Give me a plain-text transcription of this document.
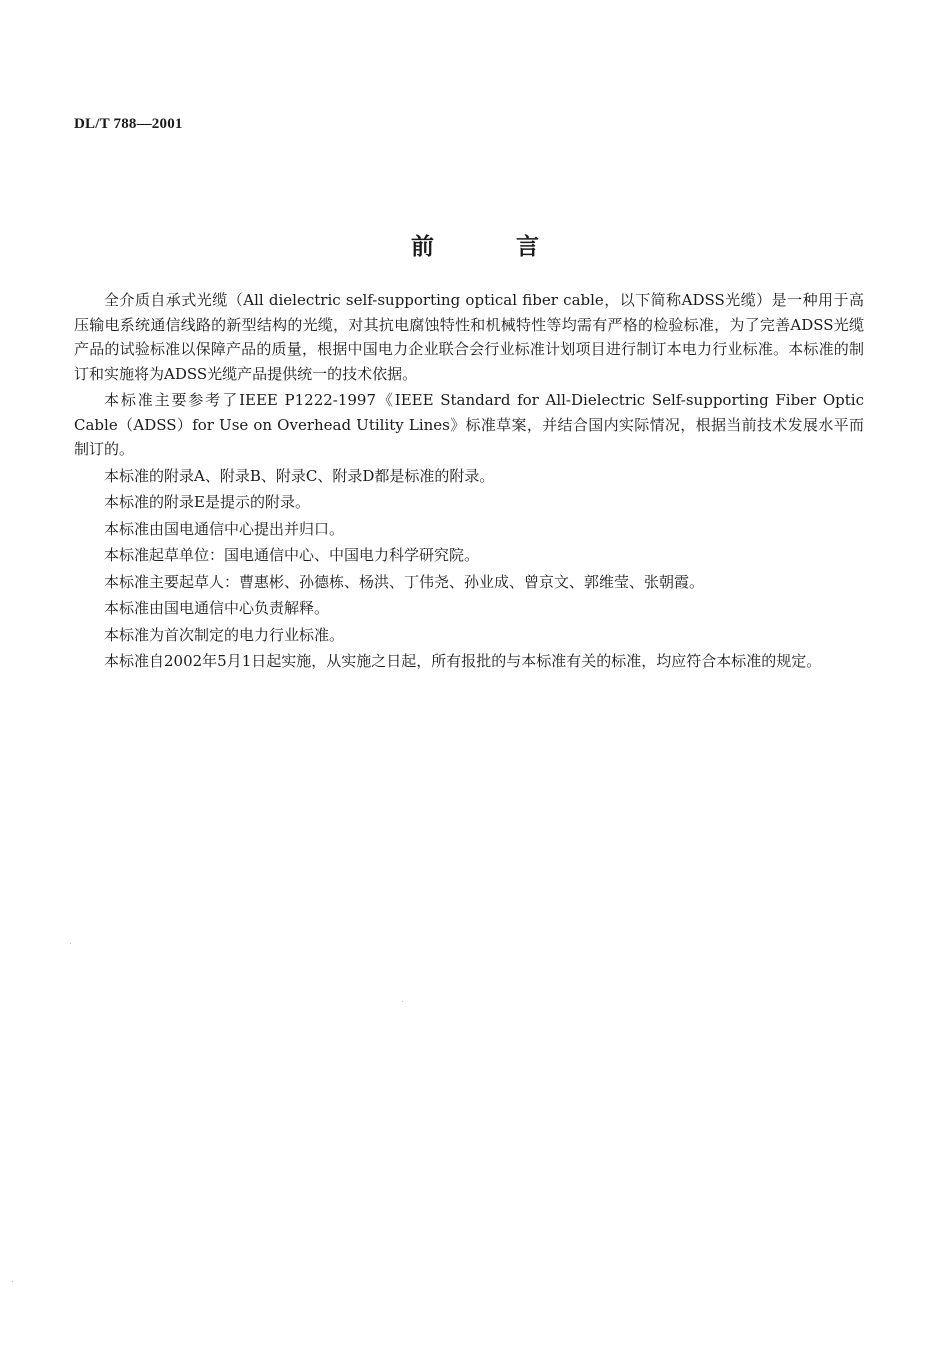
DL/T 788—2001
前言

全介质自承式光缆（All dielectric self-supporting optical fiber cable，以下简称ADSS光缆）是一种用于高压输电系统通信线路的新型结构的光缆，对其抗电腐蚀特性和机械特性等均需有严格的检验标准，为了完善ADSS光缆产品的试验标准以保障产品的质量，根据中国电力企业联合会行业标准计划项目进行制订本电力行业标准。本标准的制订和实施将为ADSS光缆产品提供统一的技术依据。

本标准主要参考了IEEE P1222-1997《IEEE Standard for All-Dielectric Self-supporting Fiber Optic Cable（ADSS）for Use on Overhead Utility Lines》标准草案，并结合国内实际情况，根据当前技术发展水平而制订的。

本标准的附录A、附录B、附录C、附录D都是标准的附录。

本标准的附录E是提示的附录。

本标准由国电通信中心提出并归口。

本标准起草单位：国电通信中心、中国电力科学研究院。

本标准主要起草人：曹惠彬、孙德栋、杨洪、丁伟尧、孙业成、曾京文、郭维莹、张朝霞。

本标准由国电通信中心负责解释。

本标准为首次制定的电力行业标准。

本标准自2002年5月1日起实施，从实施之日起，所有报批的与本标准有关的标准，均应符合本标准的规定。
